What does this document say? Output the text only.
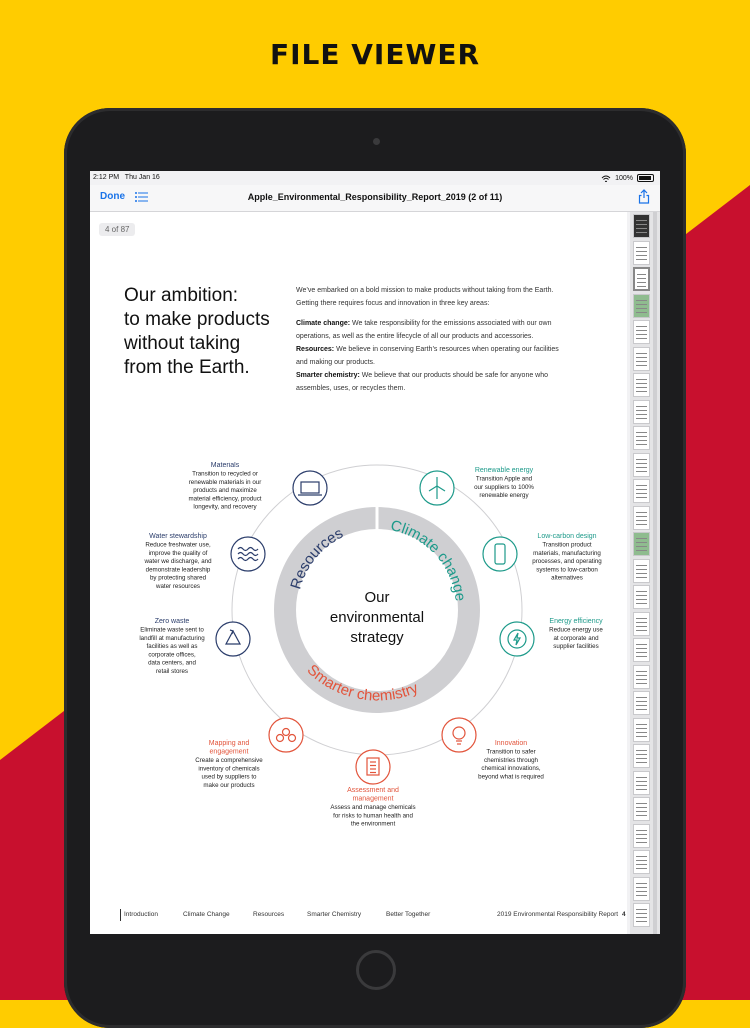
FILE VIEWER
2:12 PM Thu Jan 16	100%
Done	Apple_Environmental_Responsibility_Report_2019 (2 of 11)
4 of 87
Our ambition:
to make products
without taking
from the Earth.
We’ve embarked on a bold mission to make products without taking from the Earth. Getting there requires focus and innovation in three key areas:
Climate change: We take responsibility for the emissions associated with our own operations, as well as the entire lifecycle of all our products and accessories.
Resources: We believe in conserving Earth’s resources when operating our facilities and making our products.
Smarter chemistry: We believe that our products should be safe for anyone who assembles, uses, or recycles them.
Resources	Climate change
Smarter chemistry
Our
environmental
strategy
Materials
Transition to recycled or
renewable materials in our
products and maximize
material efficiency, product
longevity, and recovery
Water stewardship
Reduce freshwater use,
improve the quality of
water we discharge, and
demonstrate leadership
by protecting shared
water resources
Zero waste
Eliminate waste sent to
landfill at manufacturing
facilities as well as
corporate offices,
data centers, and
retail stores
Renewable energy
Transition Apple and
our suppliers to 100%
renewable energy
Low-carbon design
Transition product
materials, manufacturing
processes, and operating
systems to low-carbon
alternatives
Energy efficiency
Reduce energy use
at corporate and
supplier facilities
Mapping and
engagement
Create a comprehensive
inventory of chemicals
used by suppliers to
make our products
Assessment and
management
Assess and manage chemicals
for risks to human health and
the environment
Innovation
Transition to safer
chemistries through
chemical innovations,
beyond what is required
Introduction	Climate Change	Resources	Smarter Chemistry	Better Together	2019 Environmental Responsibility Report 4
